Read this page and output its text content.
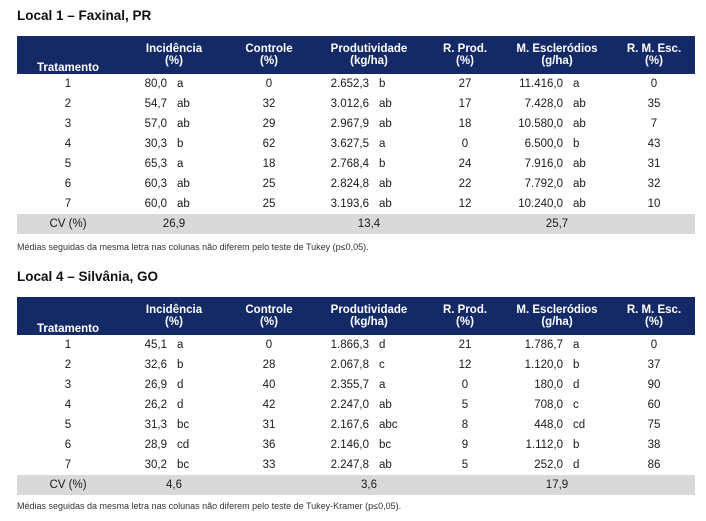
Local 1 – Faxinal, PR
Tratamento	Incidência	Controle	Produtividade	R. Prod.	M. Escleródios	R. M. Esc.
	(%)	(%)	(kg/ha)	(%)	(g/ha)	(%)
1	80,0 a	0	2.652,3 b	27	11.416,0 a	0
2	54,7 ab	32	3.012,6 ab	17	7.428,0 ab	35
3	57,0 ab	29	2.967,9 ab	18	10.580,0 ab	7
4	30,3 b	62	3.627,5 a	0	6.500,0 b	43
5	65,3 a	18	2.768,4 b	24	7.916,0 ab	31
6	60,3 ab	25	2.824,8 ab	22	7.792,0 ab	32
7	60,0 ab	25	3.193,6 ab	12	10.240,0 ab	10
CV (%)	26,9		13,4		25,7	
Médias seguidas da mesma letra nas colunas não diferem pelo teste de Tukey (p≤0,05).
Local 4 – Silvânia, GO
Tratamento	Incidência	Controle	Produtividade	R. Prod.	M. Escleródios	R. M. Esc.
	(%)	(%)	(kg/ha)	(%)	(g/ha)	(%)
1	45,1 a	0	1.866,3 d	21	1.786,7 a	0
2	32,6 b	28	2.067,8 c	12	1.120,0 b	37
3	26,9 d	40	2.355,7 a	0	180,0 d	90
4	26,2 d	42	2.247,0 ab	5	708,0 c	60
5	31,3 bc	31	2.167,6 abc	8	448,0 cd	75
6	28,9 cd	36	2.146,0 bc	9	1.112,0 b	38
7	30,2 bc	33	2.247,8 ab	5	252,0 d	86
CV (%)	4,6		3,6		17,9	
Médias seguidas da mesma letra nas colunas não diferem pelo teste de Tukey-Kramer (p≤0,05).
